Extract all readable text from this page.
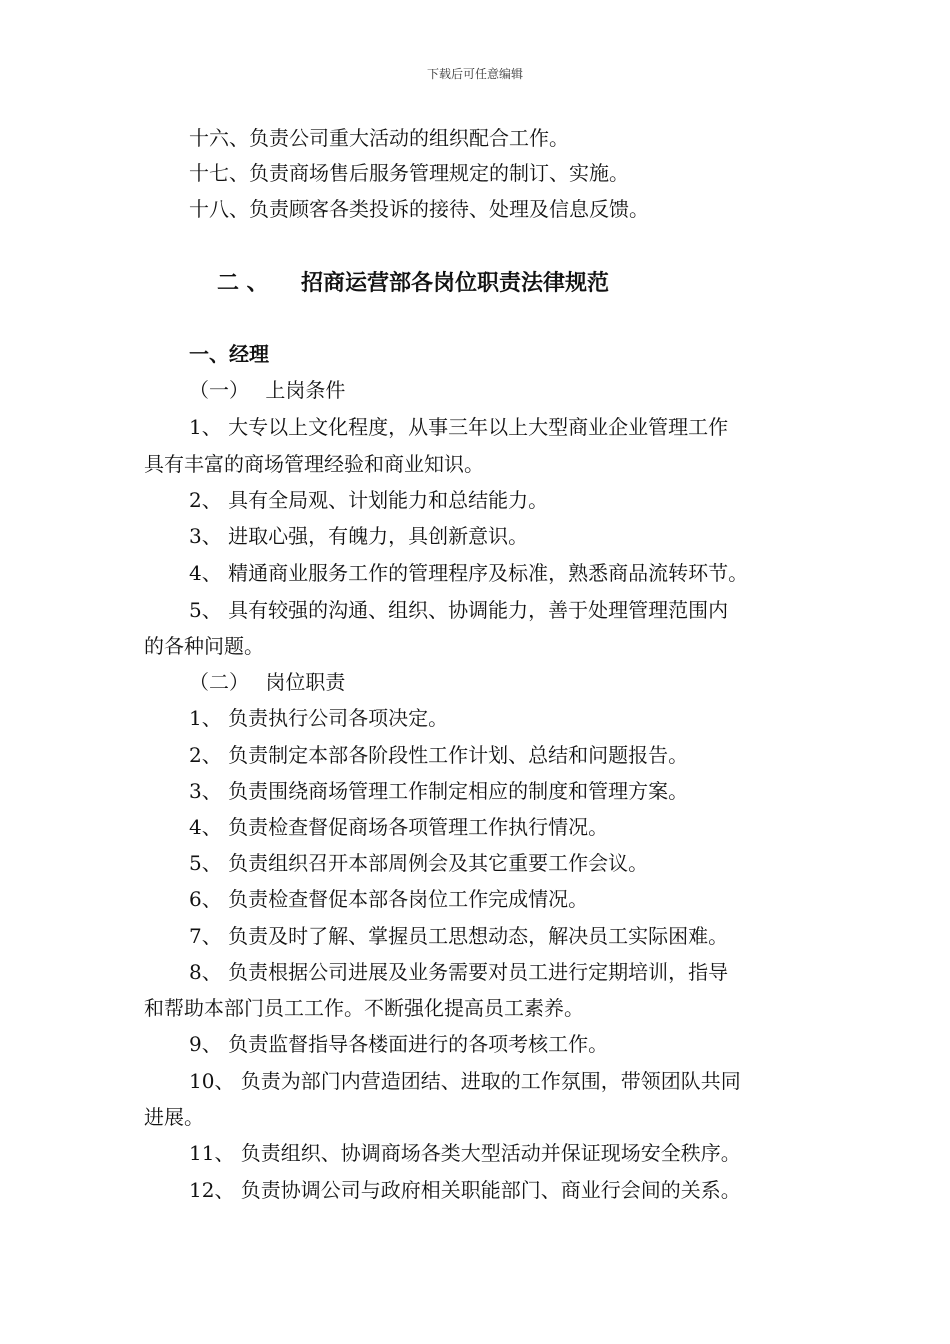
下载后可任意编辑
十六、负责公司重大活动的组织配合工作。
十七、负责商场售后服务管理规定的制订、实施。
十八、负责顾客各类投诉的接待、处理及信息反馈。
二 、 招商运营部各岗位职责法律规范
一、经理
（一）　 上岗条件
1、 大专以上文化程度，从事三年以上大型商业企业管理工作
具有丰富的商场管理经验和商业知识。
2、 具有全局观、计划能力和总结能力。
3、 进取心强，有魄力，具创新意识。
4、 精通商业服务工作的管理程序及标准，熟悉商品流转环节。
5、 具有较强的沟通、组织、协调能力，善于处理管理范围内
的各种问题。
（二）　 岗位职责
1、 负责执行公司各项决定。
2、 负责制定本部各阶段性工作计划、总结和问题报告。
3、 负责围绕商场管理工作制定相应的制度和管理方案。
4、 负责检查督促商场各项管理工作执行情况。
5、 负责组织召开本部周例会及其它重要工作会议。
6、 负责检查督促本部各岗位工作完成情况。
7、 负责及时了解、掌握员工思想动态，解决员工实际困难。
8、 负责根据公司进展及业务需要对员工进行定期培训，指导
和帮助本部门员工工作。不断强化提高员工素养。
9、 负责监督指导各楼面进行的各项考核工作。
10、 负责为部门内营造团结、进取的工作氛围，带领团队共同
进展。
11、 负责组织、协调商场各类大型活动并保证现场安全秩序。
12、 负责协调公司与政府相关职能部门、商业行会间的关系。
